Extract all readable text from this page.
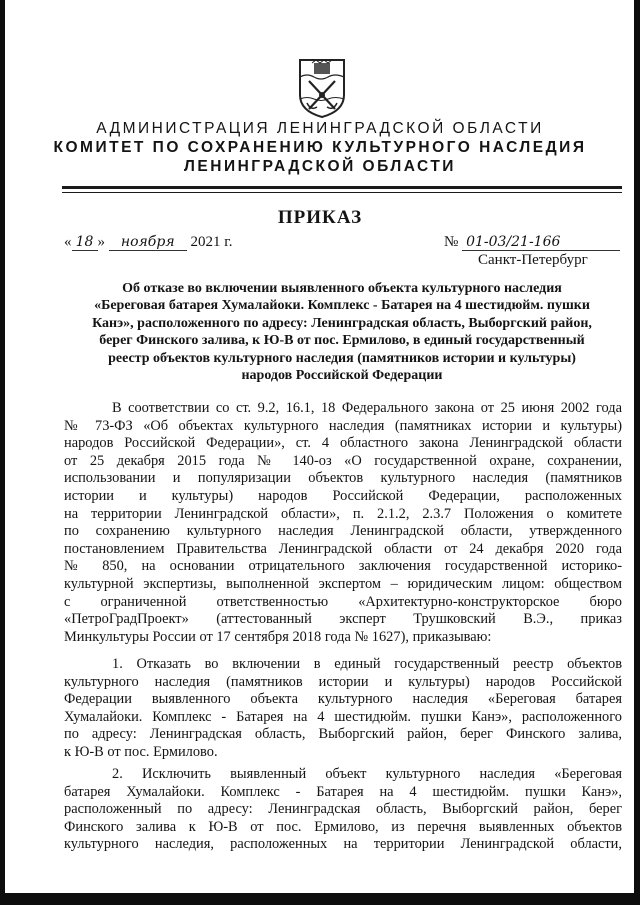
АДМИНИСТРАЦИЯ ЛЕНИНГРАДСКОЙ ОБЛАСТИ
КОМИТЕТ ПО СОХРАНЕНИЮ КУЛЬТУРНОГО НАСЛЕДИЯ
ЛЕНИНГРАДСКОЙ ОБЛАСТИ
ПРИКАЗ
« 18 » ноября 2021 г.	№ 01-03/21-166
Санкт-Петербург
Об отказе во включении выявленного объекта культурного наследия
«Береговая батарея Хумалайоки. Комплекс - Батарея на 4 шестидюйм. пушки
Канэ», расположенного по адресу: Ленинградская область, Выборгский район,
берег Финского залива, к Ю-В от пос. Ермилово, в единый государственный
реестр объектов культурного наследия (памятников истории и культуры)
народов Российской Федерации
В соответствии со ст. 9.2, 16.1, 18 Федерального закона от 25 июня 2002 года
№ 73-ФЗ «Об объектах культурного наследия (памятниках истории и культуры)
народов Российской Федерации», ст. 4 областного закона Ленинградской области
от 25 декабря 2015 года № 140-оз «О государственной охране, сохранении,
использовании и популяризации объектов культурного наследия (памятников
истории и культуры) народов Российской Федерации, расположенных
на территории Ленинградской области», п. 2.1.2, 2.3.7 Положения о комитете
по сохранению культурного наследия Ленинградской области, утвержденного
постановлением Правительства Ленинградской области от 24 декабря 2020 года
№ 850, на основании отрицательного заключения государственной историко-
культурной экспертизы, выполненной экспертом – юридическим лицом: обществом
с ограниченной ответственностью «Архитектурно-конструкторское бюро
«ПетроГрадПроект» (аттестованный эксперт Трушковский В.Э., приказ
Минкультуры России от 17 сентября 2018 года № 1627), приказываю:
1. Отказать во включении в единый государственный реестр объектов
культурного наследия (памятников истории и культуры) народов Российской
Федерации выявленного объекта культурного наследия «Береговая батарея
Хумалайоки. Комплекс - Батарея на 4 шестидюйм. пушки Канэ», расположенного
по адресу: Ленинградская область, Выборгский район, берег Финского залива,
к Ю-В от пос. Ермилово.
2. Исключить выявленный объект культурного наследия «Береговая
батарея Хумалайоки. Комплекс - Батарея на 4 шестидюйм. пушки Канэ»,
расположенный по адресу: Ленинградская область, Выборгский район, берег
Финского залива к Ю-В от пос. Ермилово, из перечня выявленных объектов
культурного наследия, расположенных на территории Ленинградской области,
